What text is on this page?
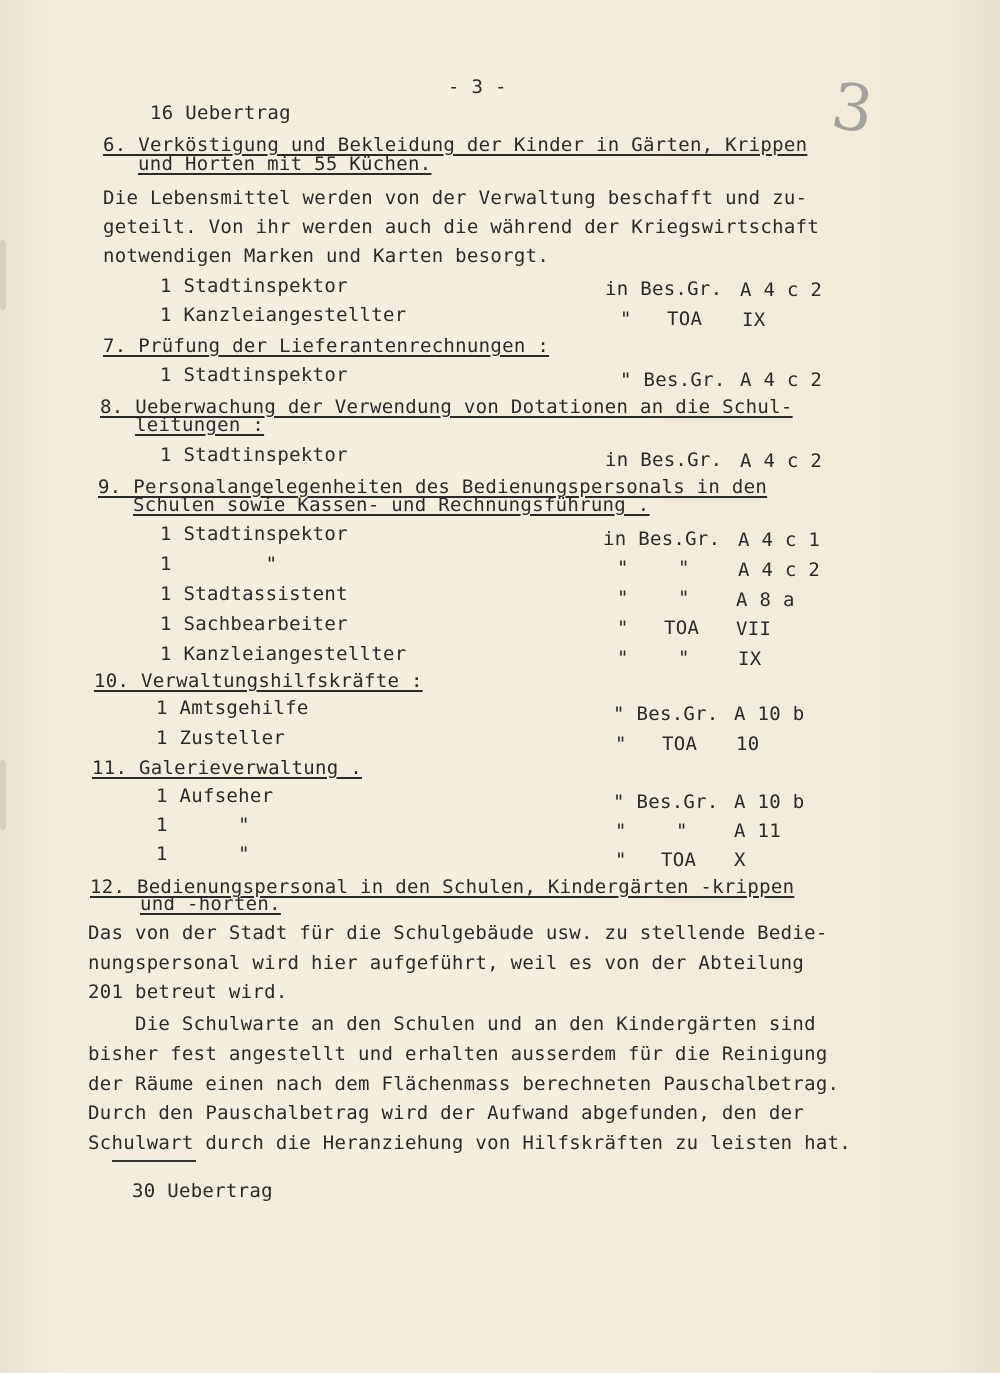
3
- 3 -
16 Uebertrag
6. Verköstigung und Bekleidung der Kinder in Gärten, Krippen
und Horten mit 55 Küchen.
Die Lebensmittel werden von der Verwaltung beschafft und zu-
geteilt. Von ihr werden auch die während der Kriegswirtschaft
notwendigen Marken und Karten besorgt.
1 Stadtinspektor	in Bes.Gr. A 4 c 2
1 Kanzleiangestellter	" TOA IX
7. Prüfung der Lieferantenrechnungen :
1 Stadtinspektor	" Bes.Gr. A 4 c 2
8. Ueberwachung der Verwendung von Dotationen an die Schul-
leitungen :
1 Stadtinspektor	in Bes.Gr. A 4 c 2
9. Personalangelegenheiten des Bedienungspersonals in den
Schulen sowie Kassen- und Rechnungsführung .
1 Stadtinspektor	in Bes.Gr. A 4 c 1
1        "	"	"	A 4 c 2
1 Stadtassistent	"	" A 8 a
1 Sachbearbeiter	" TOA VII
1 Kanzleiangestellter	"	"	IX
10. Verwaltungshilfskräfte :
1 Amtsgehilfe	" Bes.Gr. A 10 b
1 Zusteller	" TOA 10
11. Galerieverwaltung .
1 Aufseher	" Bes.Gr. A 10 b
1      "	"	" A 11
1      "	" TOA X
12. Bedienungspersonal in den Schulen, Kindergärten -krippen
und -horten.
Das von der Stadt für die Schulgebäude usw. zu stellende Bedie-
nungspersonal wird hier aufgeführt, weil es von der Abteilung
201 betreut wird.
Die Schulwarte an den Schulen und an den Kindergärten sind
bisher fest angestellt und erhalten ausserdem für die Reinigung
der Räume einen nach dem Flächenmass berechneten Pauschalbetrag.
Durch den Pauschalbetrag wird der Aufwand abgefunden, den der
Schulwart durch die Heranziehung von Hilfskräften zu leisten hat.
30 Uebertrag
